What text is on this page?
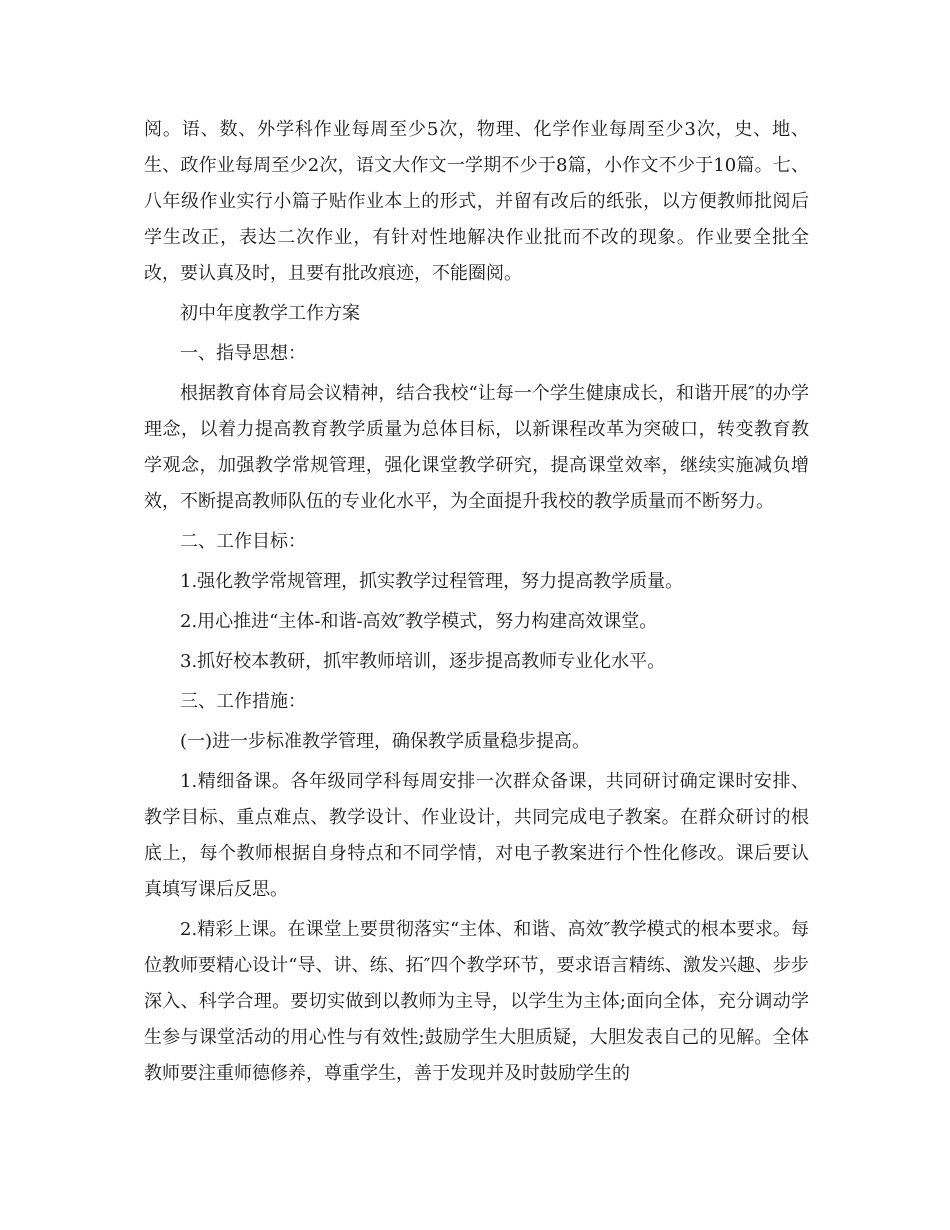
阅。语、数、外学科作业每周至少5次，物理、化学作业每周至少3次，史、地、生、政作业每周至少2次，语文大作文一学期不少于8篇，小作文不少于10篇。七、八年级作业实行小篇子贴作业本上的形式，并留有改后的纸张，以方便教师批阅后学生改正，表达二次作业，有针对性地解决作业批而不改的现象。作业要全批全改，要认真及时，且要有批改痕迹，不能圈阅。

初中年度教学工作方案

一、指导思想：

根据教育体育局会议精神，结合我校“让每一个学生健康成长，和谐开展″的办学理念，以着力提高教育教学质量为总体目标，以新课程改革为突破口，转变教育教学观念，加强教学常规管理，强化课堂教学研究，提高课堂效率，继续实施减负增效，不断提高教师队伍的专业化水平，为全面提升我校的教学质量而不断努力。

二、工作目标：

1.强化教学常规管理，抓实教学过程管理，努力提高教学质量。

2.用心推进“主体-和谐-高效″教学模式，努力构建高效课堂。

3.抓好校本教研，抓牢教师培训，逐步提高教师专业化水平。

三、工作措施：

(一)进一步标准教学管理，确保教学质量稳步提高。

1.精细备课。各年级同学科每周安排一次群众备课，共同研讨确定课时安排、教学目标、重点难点、教学设计、作业设计，共同完成电子教案。在群众研讨的根底上，每个教师根据自身特点和不同学情，对电子教案进行个性化修改。课后要认真填写课后反思。

2.精彩上课。在课堂上要贯彻落实“主体、和谐、高效″教学模式的根本要求。每位教师要精心设计“导、讲、练、拓″四个教学环节，要求语言精练、激发兴趣、步步深入、科学合理。要切实做到以教师为主导，以学生为主体;面向全体，充分调动学生参与课堂活动的用心性与有效性;鼓励学生大胆质疑，大胆发表自己的见解。全体教师要注重师德修养，尊重学生，善于发现并及时鼓励学生的
